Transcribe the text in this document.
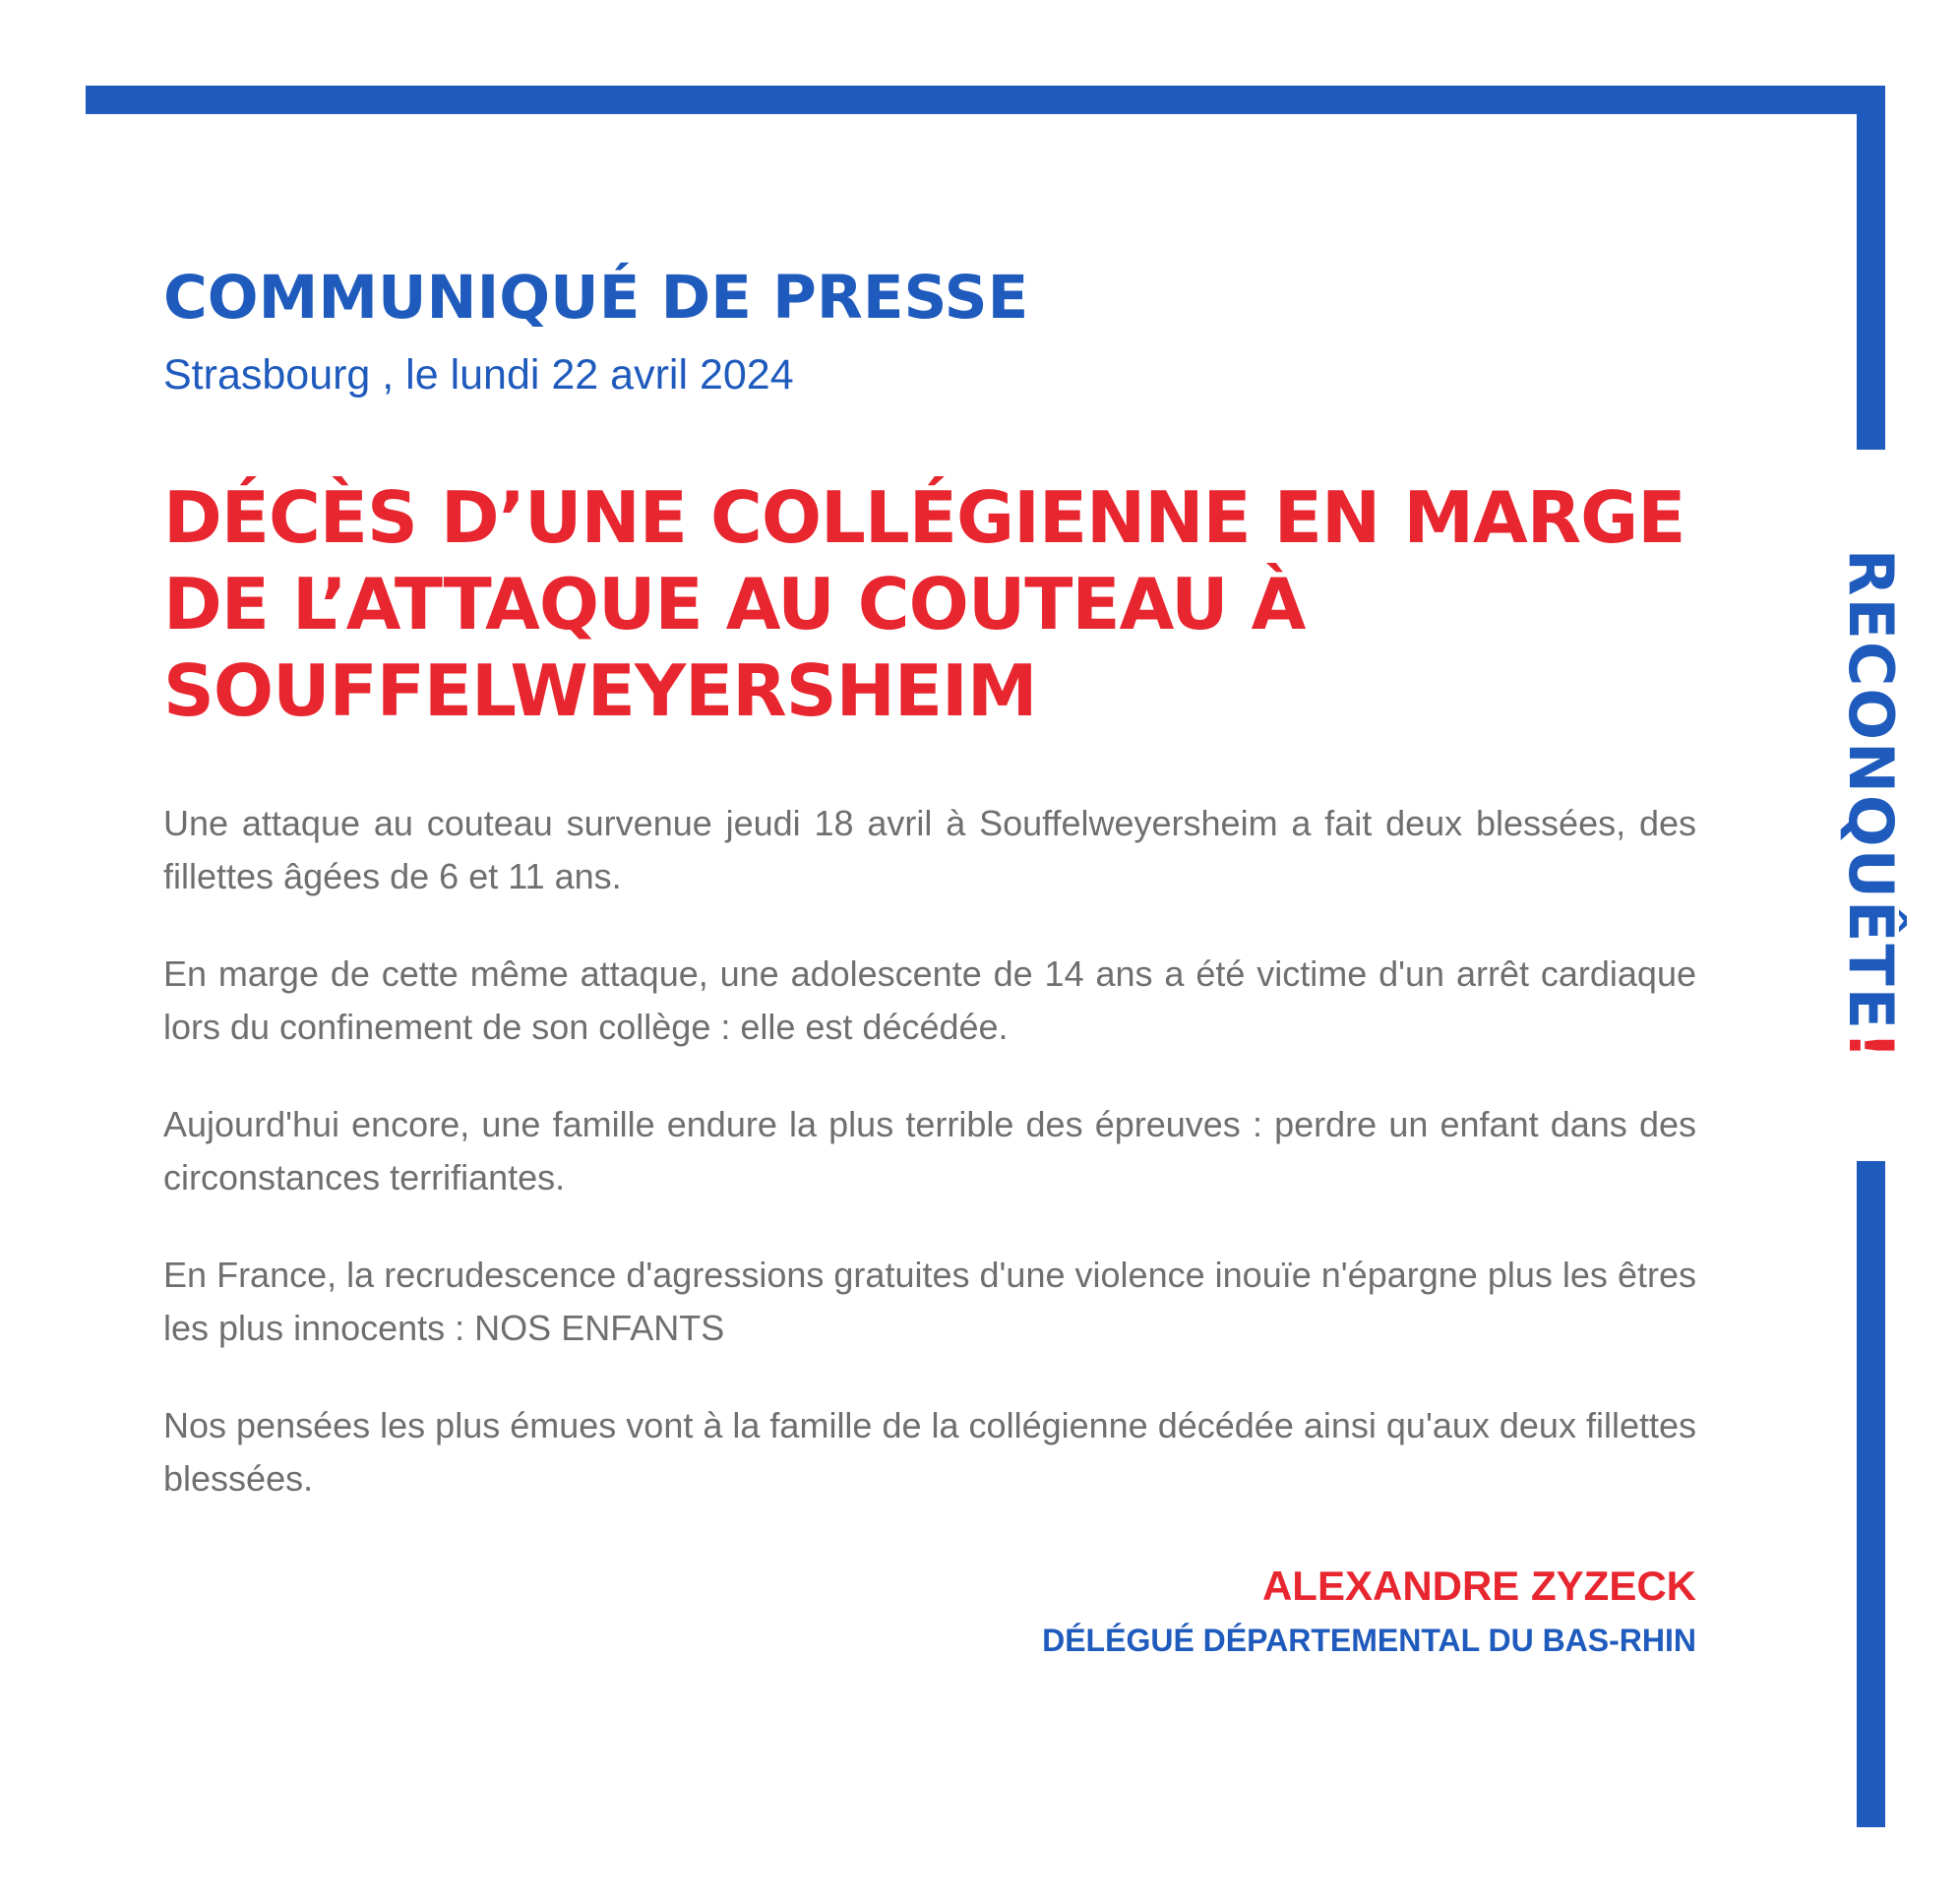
RECONQUÊTE!
COMMUNIQUÉ DE PRESSE
Strasbourg , le lundi 22 avril 2024
DÉCÈS D’UNE COLLÉGIENNE EN MARGE DE L’ATTAQUE AU COUTEAU À SOUFFELWEYERSHEIM

Une attaque au couteau survenue jeudi 18 avril à Souffelweyersheim a fait deux blessées, des fillettes âgées de 6 et 11 ans.

En marge de cette même attaque, une adolescente de 14 ans a été victime d'un arrêt cardiaque lors du confinement de son collège : elle est décédée.

Aujourd'hui encore, une famille endure la plus terrible des épreuves : perdre un enfant dans des circonstances terrifiantes.

En France, la recrudescence d'agressions gratuites d'une violence inouïe n'épargne plus les êtres les plus innocents : NOS ENFANTS

Nos pensées les plus émues vont à la famille de la collégienne décédée ainsi qu'aux deux fillettes blessées.

ALEXANDRE ZYZECK
DÉLÉGUÉ DÉPARTEMENTAL DU BAS-RHIN
